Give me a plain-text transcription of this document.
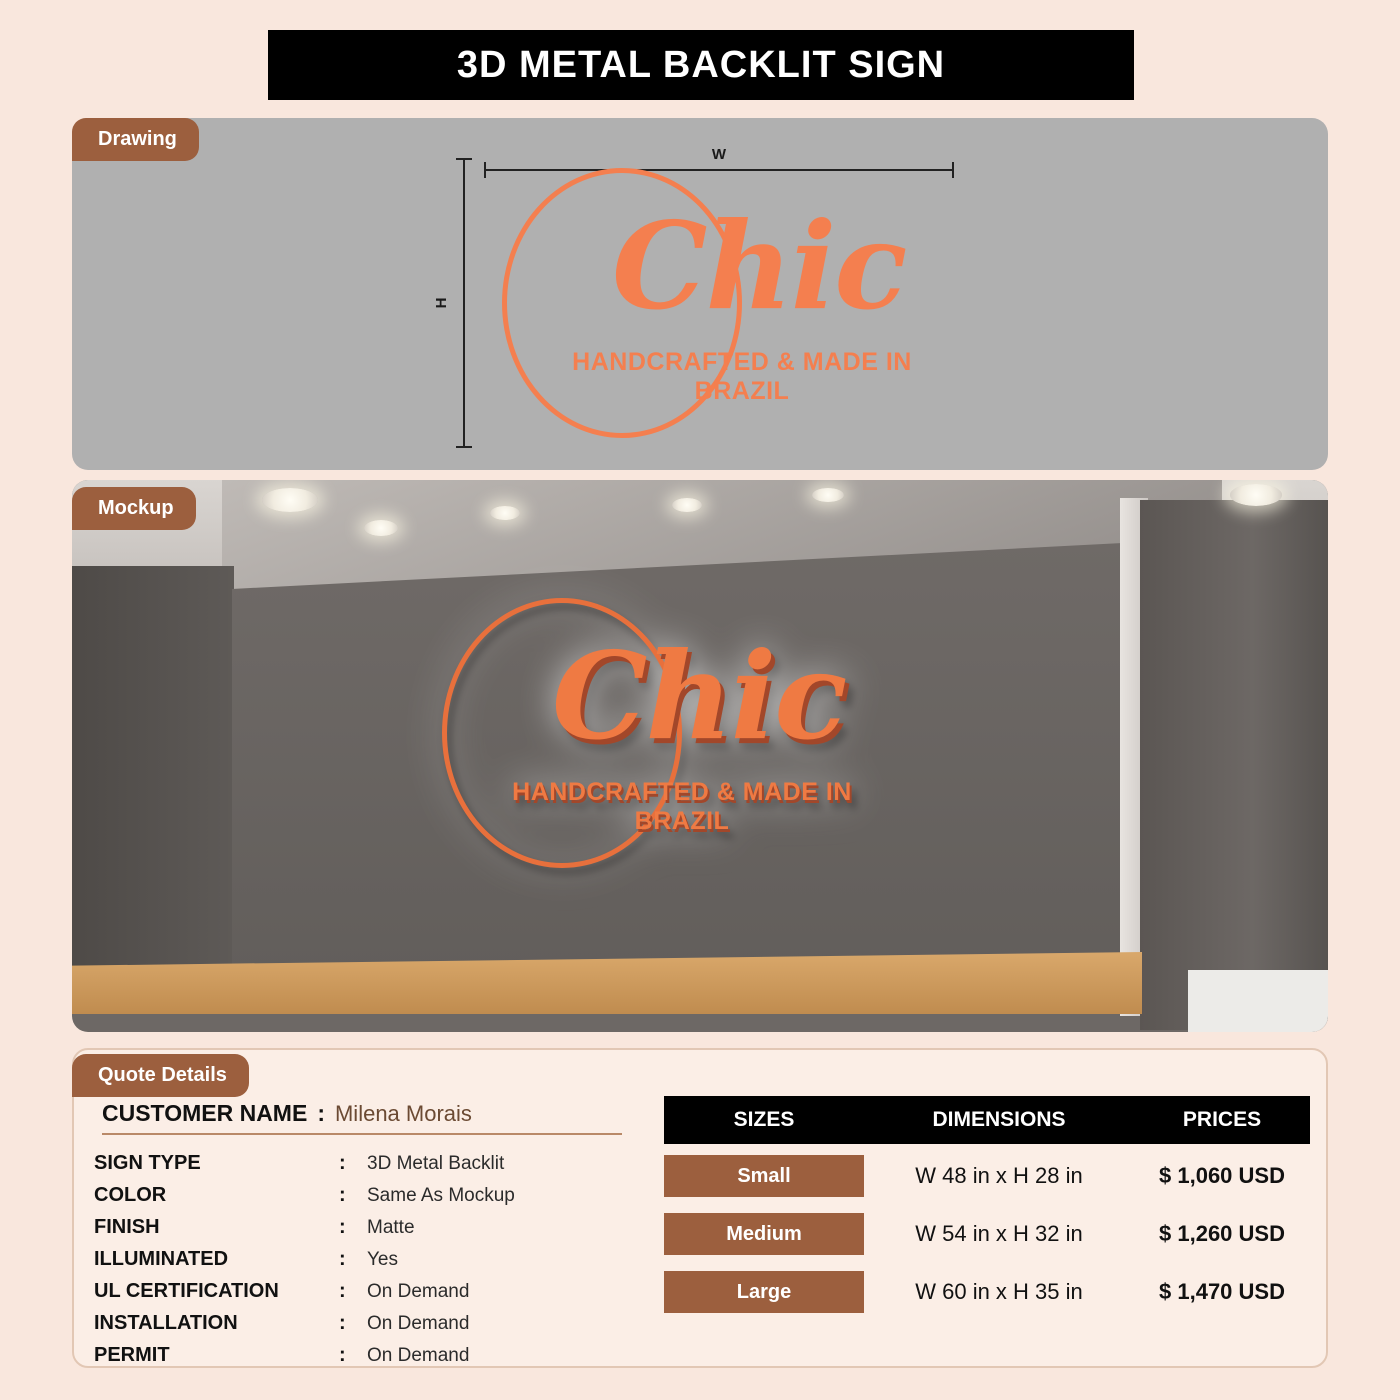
3D METAL BACKLIT SIGN
W
H Chic
HANDCRAFTED & MADE IN BRAZIL
Drawing
Chic
HANDCRAFTED & MADE IN BRAZIL
Mockup
CUSTOMER NAME : Milena Morais
SIGN TYPE	:	3D Metal Backlit
COLOR	:	Same As Mockup
FINISH	:	Matte
ILLUMINATED	:	Yes
UL CERTIFICATION	:	On Demand
INSTALLATION	:	On Demand
PERMIT	:	On Demand
SIZES	DIMENSIONS	PRICES
Small	W 48 in x H 28 in	$ 1,060 USD
Medium	W 54 in x H 32 in	$ 1,260 USD
Large	W 60 in x H 35 in	$ 1,470 USD
Quote Details
